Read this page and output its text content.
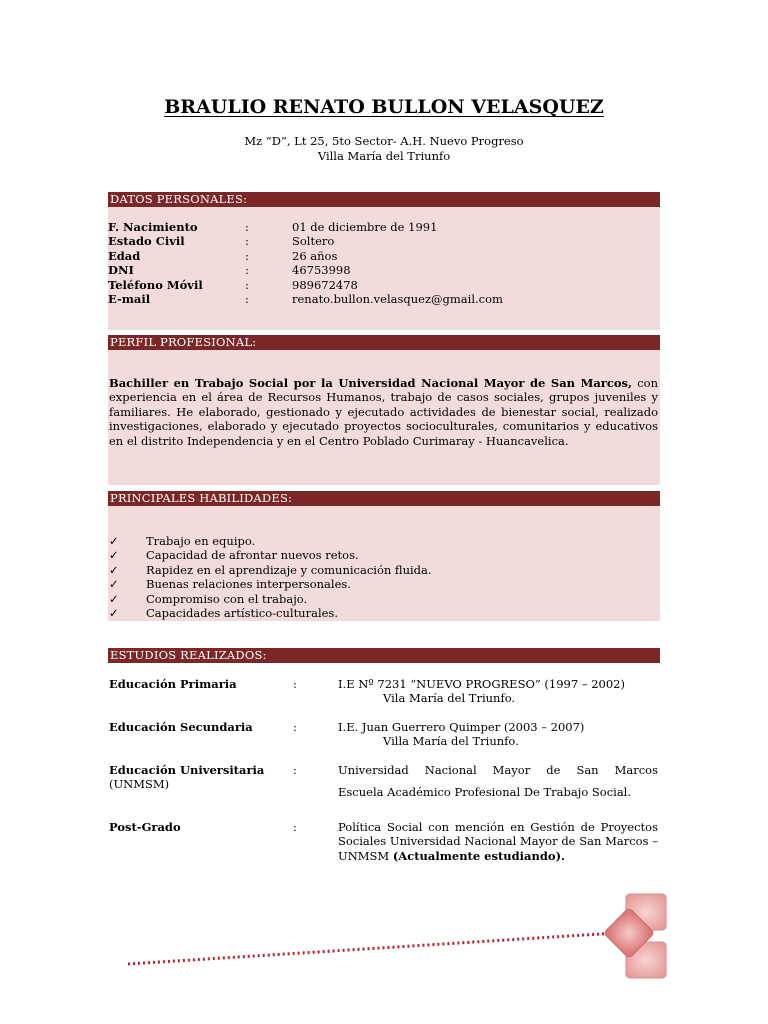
BRAULIO RENATO BULLON VELASQUEZ
Mz “D”, Lt 25, 5to Sector- A.H. Nuevo Progreso
Villa María del Triunfo
DATOS PERSONALES:
F. Nacimiento	:	01 de diciembre de 1991
Estado Civil	:	Soltero
Edad	:	26 años
DNI	:	46753998
Teléfono Móvil	:	989672478
E-mail	:	renato.bullon.velasquez@gmail.com
PERFIL PROFESIONAL:
Bachiller en Trabajo Social por la Universidad Nacional Mayor de San Marcos, con experiencia en el área de Recursos Humanos, trabajo de casos sociales, grupos juveniles y familiares. He elaborado, gestionado y ejecutado actividades de bienestar social, realizado investigaciones, elaborado y ejecutado proyectos socioculturales, comunitarios y educativos en el distrito Independencia y en el Centro Poblado Curimaray - Huancavelica.
PRINCIPALES HABILIDADES:
✓	Trabajo en equipo.
✓	Capacidad de afrontar nuevos retos.
✓	Rapidez en el aprendizaje y comunicación fluida.
✓	Buenas relaciones interpersonales.
✓	Compromiso con el trabajo.
✓	Capacidades artístico-culturales.
ESTUDIOS REALIZADOS:
Educación Primaria	:	I.E Nº 7231 “NUEVO PROGRESO” (1997 – 2002)
Vila María del Triunfo.
Educación Secundaria	:	I.E. Juan Guerrero Quimper (2003 – 2007)
Villa María del Triunfo.
Educación Universitaria
(UNMSM)
:	Universidad Nacional Mayor de San Marcos
Escuela Académico Profesional De Trabajo Social.
Post-Grado	:	Política Social con mención en Gestión de Proyectos Sociales Universidad Nacional Mayor de San Marcos – UNMSM (Actualmente estudiando).
